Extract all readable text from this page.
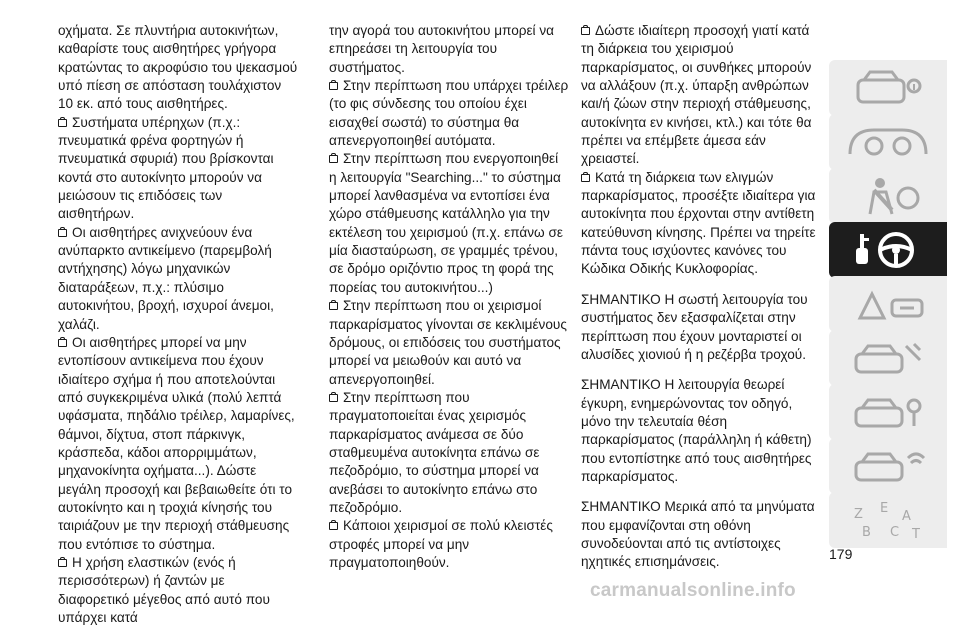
οχήματα. Σε πλυντήρια αυτοκινήτων, καθαρίστε τους αισθητήρες γρήγορα κρατώντας το ακροφύσιο του ψεκασμού υπό πίεση σε απόσταση τουλάχιστον 10 εκ. από τους αισθητήρες.

Συστήματα υπέρηχων (π.χ.: πνευματικά φρένα φορτηγών ή πνευματικά σφυριά) που βρίσκονται κοντά στο αυτοκίνητο μπορούν να μειώσουν τις επιδόσεις των αισθητήρων.

Οι αισθητήρες ανιχνεύουν ένα ανύπαρκτο αντικείμενο (παρεμβολή αντήχησης) λόγω μηχανικών διαταράξεων, π.χ.: πλύσιμο αυτοκινήτου, βροχή, ισχυροί άνεμοι, χαλάζι.

Οι αισθητήρες μπορεί να μην εντοπίσουν αντικείμενα που έχουν ιδιαίτερο σχήμα ή που αποτελούνται από συγκεκριμένα υλικά (πολύ λεπτά υφάσματα, πηδάλιο τρέιλερ, λαμαρίνες, θάμνοι, δίχτυα, στοπ πάρκινγκ, κράσπεδα, κάδοι απορριμμάτων, μηχανοκίνητα οχήματα...). Δώστε μεγάλη προσοχή και βεβαιωθείτε ότι το αυτοκίνητο και η τροχιά κίνησής του ταιριάζουν με την περιοχή στάθμευσης που εντόπισε το σύστημα.

Η χρήση ελαστικών (ενός ή περισσότερων) ή ζαντών με διαφορετικό μέγεθος από αυτό που υπάρχει κατά

την αγορά του αυτοκινήτου μπορεί να επηρεάσει τη λειτουργία του συστήματος.

Στην περίπτωση που υπάρχει τρέιλερ (το φις σύνδεσης του οποίου έχει εισαχθεί σωστά) το σύστημα θα απενεργοποιηθεί αυτόματα.

Στην περίπτωση που ενεργοποιηθεί η λειτουργία "Searching..." το σύστημα μπορεί λανθασμένα να εντοπίσει ένα χώρο στάθμευσης κατάλληλο για την εκτέλεση του χειρισμού (π.χ. επάνω σε μία διασταύρωση, σε γραμμές τρένου, σε δρόμο οριζόντιο προς τη φορά της πορείας του αυτοκινήτου...)

Στην περίπτωση που οι χειρισμοί παρκαρίσματος γίνονται σε κεκλιμένους δρόμους, οι επιδόσεις του συστήματος μπορεί να μειωθούν και αυτό να απενεργοποιηθεί.

Στην περίπτωση που πραγματοποιείται ένας χειρισμός παρκαρίσματος ανάμεσα σε δύο σταθμευμένα αυτοκίνητα επάνω σε πεζοδρόμιο, το σύστημα μπορεί να ανεβάσει το αυτοκίνητο επάνω στο πεζοδρόμιο.

Κάποιοι χειρισμοί σε πολύ κλειστές στροφές μπορεί να μην πραγματοποιηθούν.

Δώστε ιδιαίτερη προσοχή γιατί κατά τη διάρκεια του χειρισμού παρκαρίσματος, οι συνθήκες μπορούν να αλλάξουν (π.χ. ύπαρξη ανθρώπων και/ή ζώων στην περιοχή στάθμευσης, αυτοκίνητα εν κινήσει, κτλ.) και τότε θα πρέπει να επέμβετε άμεσα εάν χρειαστεί.

Κατά τη διάρκεια των ελιγμών παρκαρίσματος, προσέξτε ιδιαίτερα για αυτοκίνητα που έρχονται στην αντίθετη κατεύθυνση κίνησης. Πρέπει να τηρείτε πάντα τους ισχύοντες κανόνες του Κώδικα Οδικής Κυκλοφορίας.

ΣΗΜΑΝΤΙΚΟ Η σωστή λειτουργία του συστήματος δεν εξασφαλίζεται στην περίπτωση που έχουν μονταριστεί οι αλυσίδες χιονιού ή η ρεζέρβα τροχού.

ΣΗΜΑΝΤΙΚΟ Η λειτουργία θεωρεί έγκυρη, ενημερώνοντας τον οδηγό, μόνο την τελευταία θέση παρκαρίσματος (παράλληλη ή κάθετη) που εντοπίστηκε από τους αισθητήρες παρκαρίσματος.

ΣΗΜΑΝΤΙΚΟ Μερικά από τα μηνύματα που εμφανίζονται στη οθόνη συνοδεύονται από τις αντίστοιχες ηχητικές επισημάνσεις.

Z E
A
B C T
179
carmanualsonline.info
